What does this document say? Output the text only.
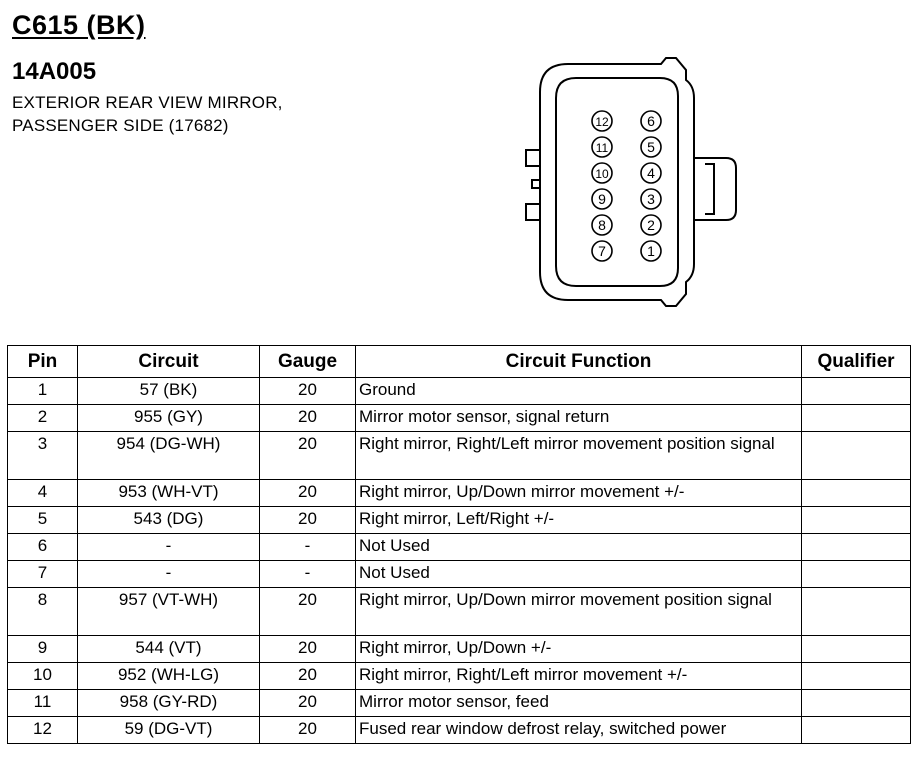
C615 (BK)
14A005
EXTERIOR REAR VIEW MIRROR,
PASSENGER SIDE (17682)	12
11
10
9
8
7
6
5
4
3
2
1
Pin	Circuit	Gauge	Circuit Function	Qualifier
1	57 (BK)	20	Ground	
2	955 (GY)	20	Mirror motor sensor, signal return	
3	954 (DG-WH)	20	Right mirror, Right/Left mirror movement position signal	
4	953 (WH-VT)	20	Right mirror, Up/Down mirror movement +/-	
5	543 (DG)	20	Right mirror, Left/Right +/-	
6	-	-	Not Used	
7	-	-	Not Used	
8	957 (VT-WH)	20	Right mirror, Up/Down mirror movement position signal	
9	544 (VT)	20	Right mirror, Up/Down +/-	
10	952 (WH-LG)	20	Right mirror, Right/Left mirror movement +/-	
11	958 (GY-RD)	20	Mirror motor sensor, feed	
12	59 (DG-VT)	20	Fused rear window defrost relay, switched power	
